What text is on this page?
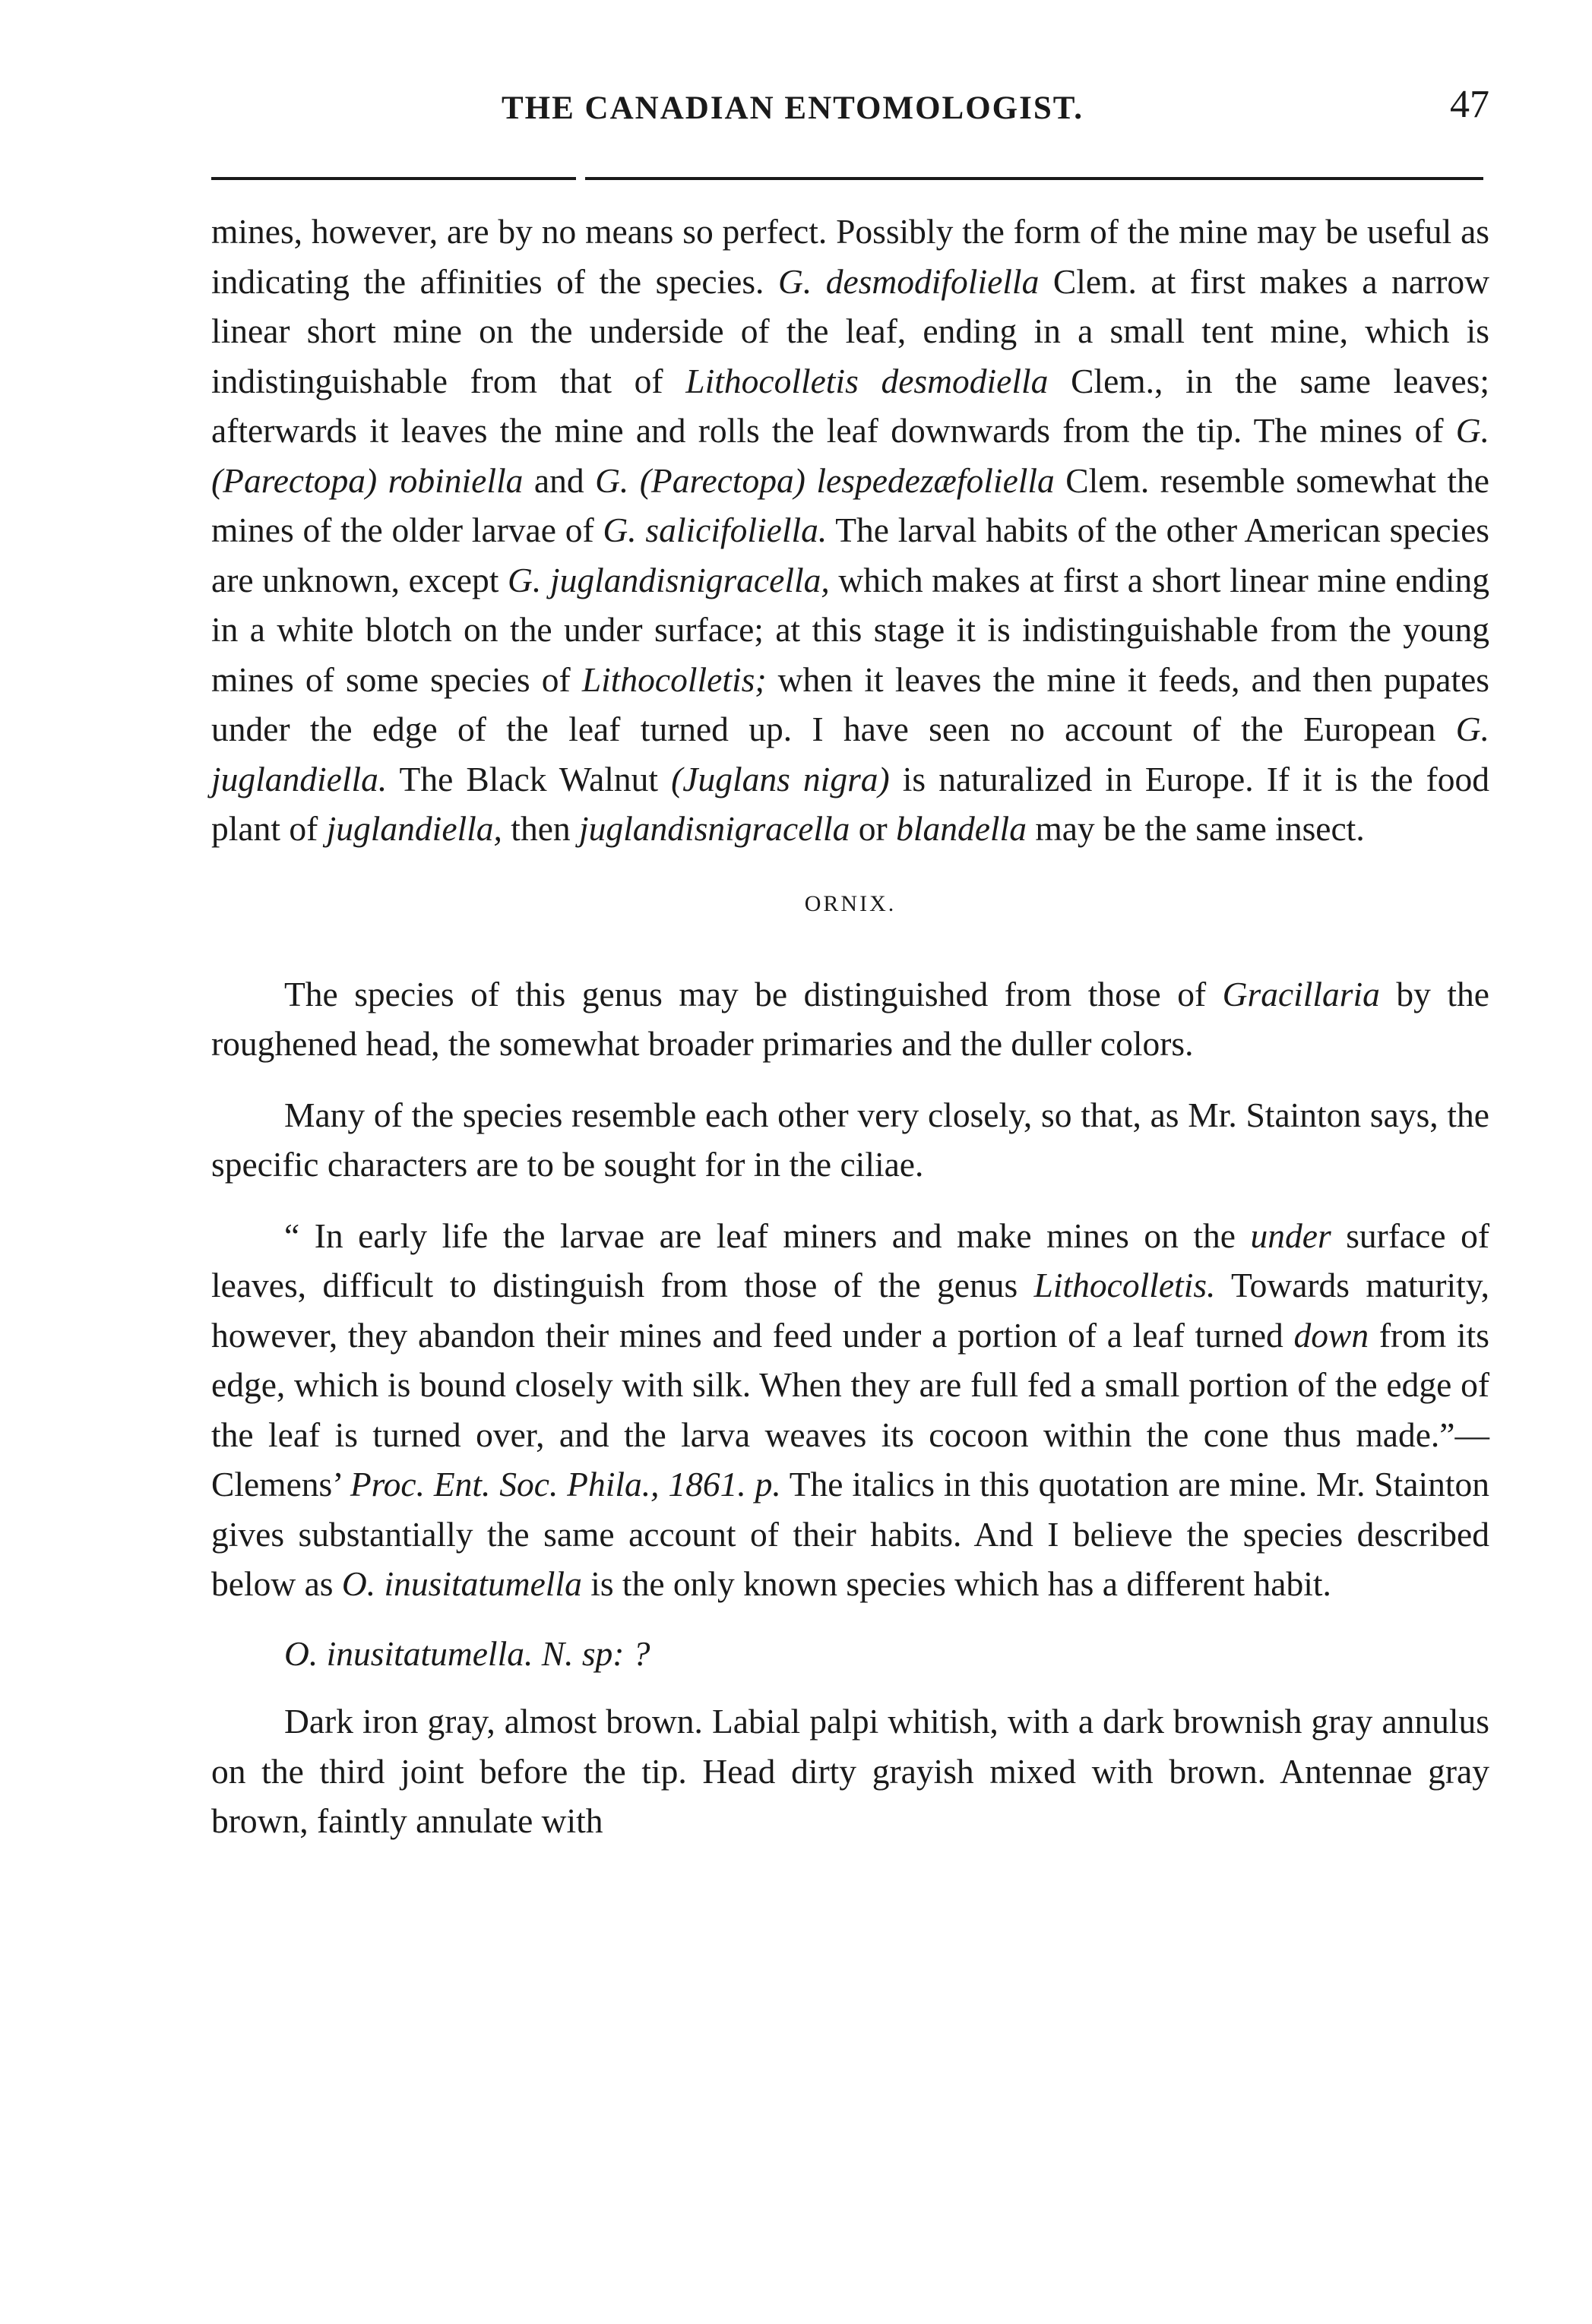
THE CANADIAN ENTOMOLOGIST.	47

mines, however, are by no means so perfect. Possibly the form of the mine may be useful as indicating the affinities of the species. G. desmodifoliella Clem. at first makes a narrow linear short mine on the underside of the leaf, ending in a small tent mine, which is indistinguishable from that of Lithocolletis desmodiella Clem., in the same leaves; afterwards it leaves the mine and rolls the leaf downwards from the tip. The mines of G. (Parectopa) robiniella and G. (Parectopa) lespedezæfoliella Clem. resemble somewhat the mines of the older larvae of G. salicifoliella. The larval habits of the other American species are unknown, except G. juglandisnigracella, which makes at first a short linear mine ending in a white blotch on the under surface; at this stage it is indistinguishable from the young mines of some species of Lithocolletis; when it leaves the mine it feeds, and then pupates under the edge of the leaf turned up. I have seen no account of the European G. juglandiella. The Black Walnut (Juglans nigra) is naturalized in Europe. If it is the food plant of juglandiella, then juglandisnigracella or blandella may be the same insect.

ORNIX.

The species of this genus may be distinguished from those of Gracillaria by the roughened head, the somewhat broader primaries and the duller colors.

Many of the species resemble each other very closely, so that, as Mr. Stainton says, the specific characters are to be sought for in the ciliae.

“ In early life the larvae are leaf miners and make mines on the under surface of leaves, difficult to distinguish from those of the genus Lithocolletis. Towards maturity, however, they abandon their mines and feed under a portion of a leaf turned down from its edge, which is bound closely with silk. When they are full fed a small portion of the edge of the leaf is turned over, and the larva weaves its cocoon within the cone thus made.”—Clemens’ Proc. Ent. Soc. Phila., 1861. p. The italics in this quotation are mine. Mr. Stainton gives substantially the same account of their habits. And I believe the species described below as O. inusitatumella is the only known species which has a different habit.

O. inusitatumella. N. sp: ?

Dark iron gray, almost brown. Labial palpi whitish, with a dark brownish gray annulus on the third joint before the tip. Head dirty grayish mixed with brown. Antennae gray brown, faintly annulate with
